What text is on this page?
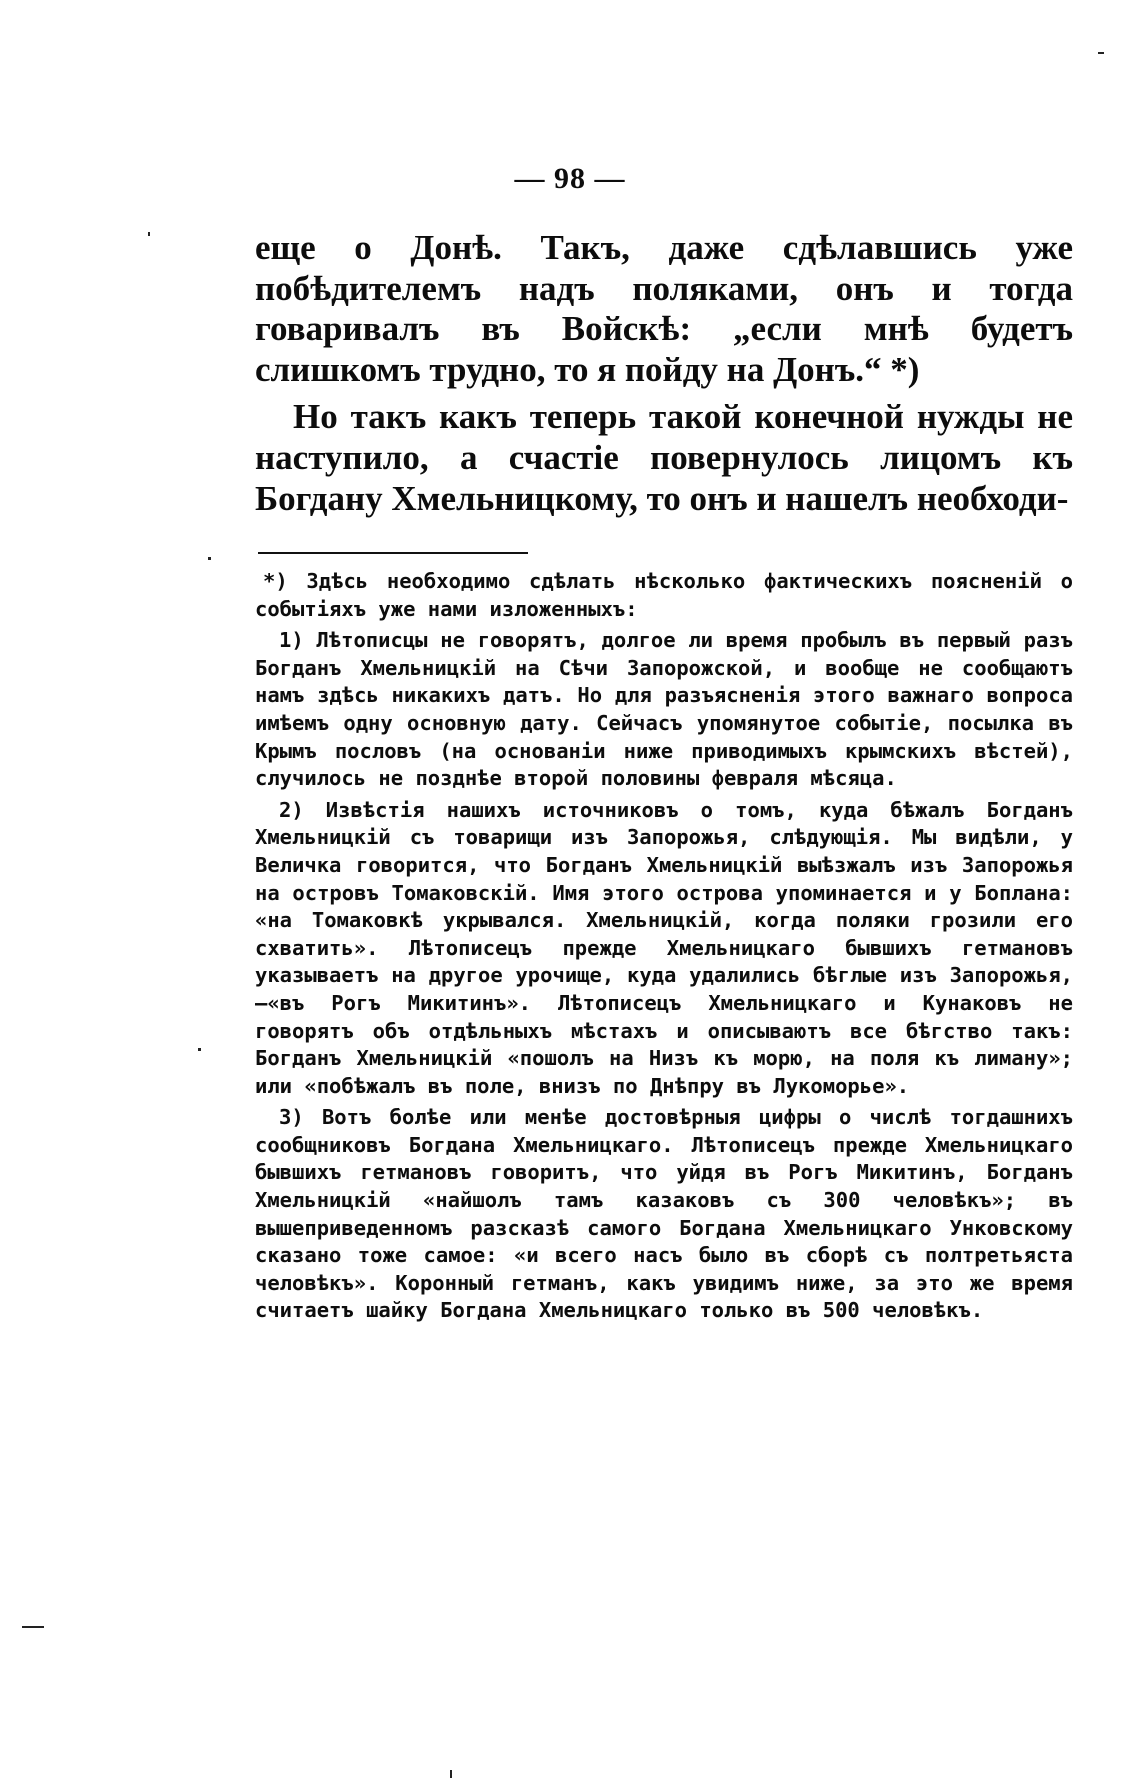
— 98 —

еще о Донѣ. Такъ, даже сдѣлавшись уже побѣдителемъ надъ поляками, онъ и тогда говаривалъ въ Войскѣ: „если мнѣ будетъ слишкомъ трудно, то я пойду на Донъ.“ *)

Но такъ какъ теперь такой конечной нужды не наступило, а счастіе повернулось лицомъ къ Богдану Хмельницкому, то онъ и нашелъ необходи-

*) Здѣсь необходимо сдѣлать нѣсколько фактическихъ поясненій о событіяхъ уже нами изложенныхъ:

1) Лѣтописцы не говорятъ, долгое ли время пробылъ въ первый разъ Богданъ Хмельницкій на Сѣчи Запорожской, и вообще не сообщаютъ намъ здѣсь никакихъ датъ. Но для разъясненія этого важнаго вопроса имѣемъ одну основную дату. Сейчасъ упомянутое событіе, посылка въ Крымъ пословъ (на основаніи ниже приводимыхъ крымскихъ вѣстей), случилось не позднѣе второй половины февраля мѣсяца.

2) Извѣстія нашихъ источниковъ о томъ, куда бѣжалъ Богданъ Хмельницкій съ товарищи изъ Запорожья, слѣдующія. Мы видѣли, у Величка говорится, что Богданъ Хмельницкій выѣзжалъ изъ Запорожья на островъ Томаковскій. Имя этого острова упоминается и у Боплана: «на Томаковкѣ укрывался. Хмельницкій, когда поляки грозили его схватить». Лѣтописецъ прежде Хмельницкаго бывшихъ гетмановъ указываетъ на другое урочище, куда удалились бѣглые изъ Запорожья,—«въ Рогъ Микитинъ». Лѣтописецъ Хмельницкаго и Кунаковъ не говорятъ объ отдѣльныхъ мѣстахъ и описываютъ все бѣгство такъ: Богданъ Хмельницкій «пошолъ на Низъ къ морю, на поля къ лиману»; или «побѣжалъ въ поле, внизъ по Днѣпру въ Лукоморье».

3) Вотъ болѣе или менѣе достовѣрныя цифры о числѣ тогдашнихъ сообщниковъ Богдана Хмельницкаго. Лѣтописецъ прежде Хмельницкаго бывшихъ гетмановъ говоритъ, что уйдя въ Рогъ Микитинъ, Богданъ Хмельницкій «найшолъ тамъ казаковъ съ 300 человѣкъ»; въ вышеприведенномъ разсказѣ самого Богдана Хмельницкаго Унковскому сказано тоже самое: «и всего насъ было въ сборѣ съ полтретьяста человѣкъ». Коронный гетманъ, какъ увидимъ ниже, за это же время считаетъ шайку Богдана Хмельницкаго только въ 500 человѣкъ.
